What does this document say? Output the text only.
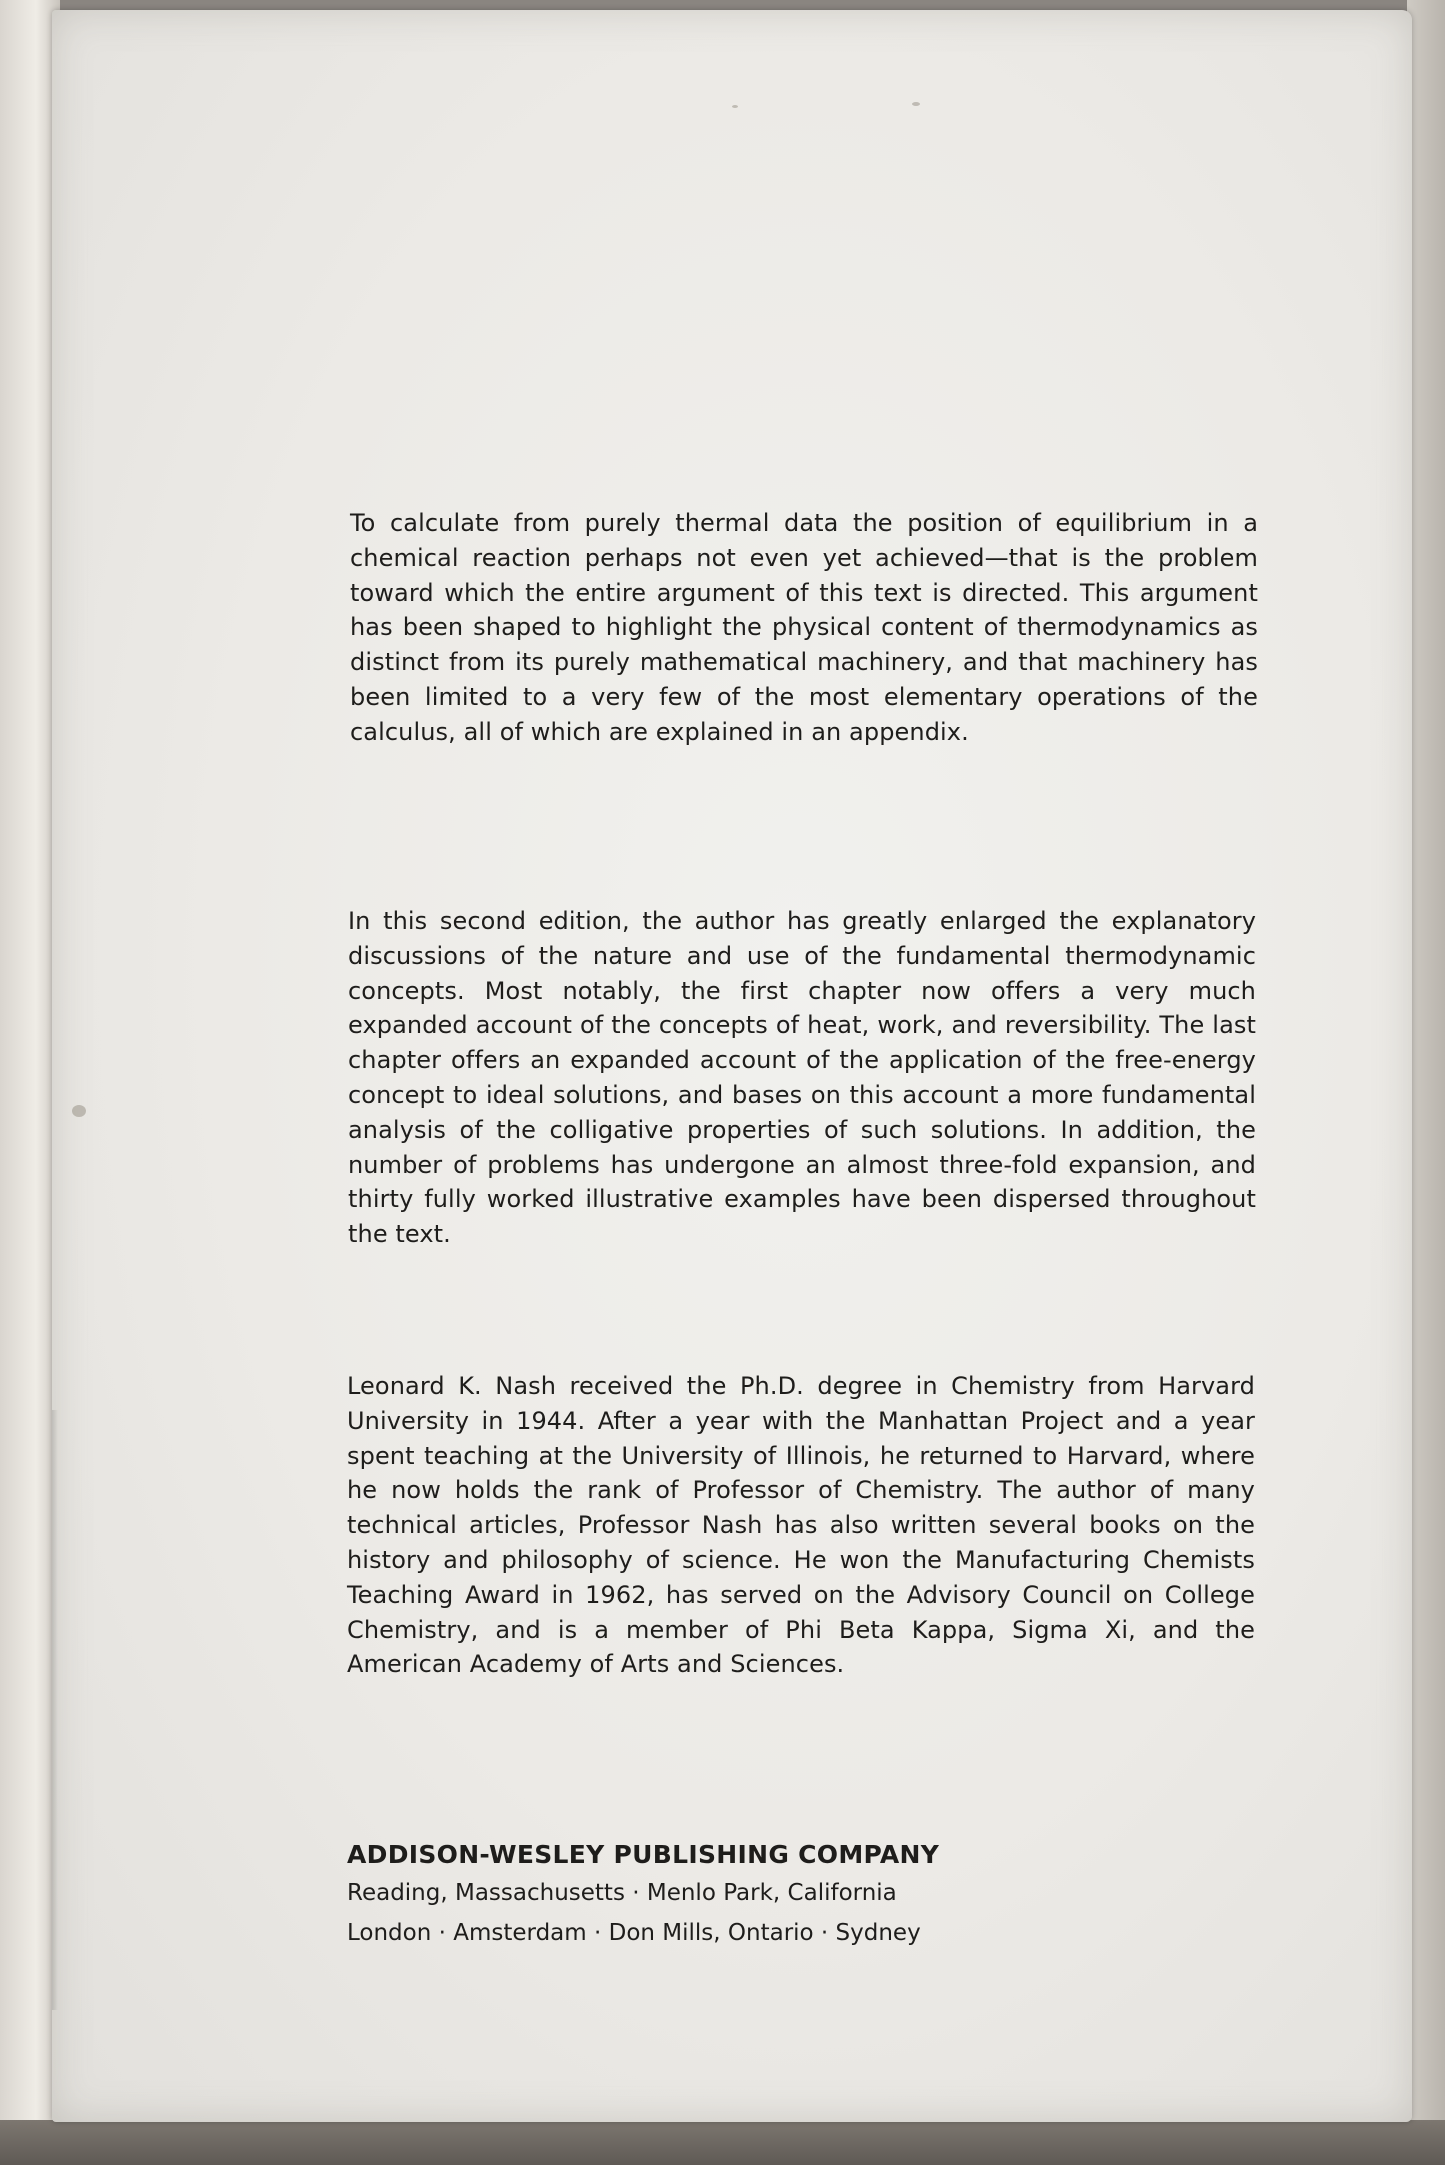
To calculate from purely thermal data the position of equilibrium in a chemical reaction perhaps not even yet achieved—that is the problem toward which the entire argument of this text is directed. This argument has been shaped to highlight the physical content of thermodynamics as distinct from its purely mathematical machinery, and that machinery has been limited to a very few of the most elementary operations of the calculus, all of which are explained in an appendix.

In this second edition, the author has greatly enlarged the explanatory discussions of the nature and use of the fundamental thermodynamic concepts. Most notably, the first chapter now offers a very much expanded account of the concepts of heat, work, and reversibility. The last chapter offers an expanded account of the application of the free-energy concept to ideal solutions, and bases on this account a more fundamental analysis of the colligative properties of such solutions. In addition, the number of problems has undergone an almost three-fold expansion, and thirty fully worked illustrative examples have been dispersed throughout the text.

Leonard K. Nash received the Ph.D. degree in Chemistry from Harvard University in 1944. After a year with the Manhattan Project and a year spent teaching at the University of Illinois, he returned to Harvard, where he now holds the rank of Professor of Chemistry. The author of many technical articles, Professor Nash has also written several books on the history and philosophy of science. He won the Manufacturing Chemists Teaching Award in 1962, has served on the Advisory Council on College Chemistry, and is a member of Phi Beta Kappa, Sigma Xi, and the American Academy of Arts and Sciences.

ADDISON-WESLEY PUBLISHING COMPANY
Reading, Massachusetts · Menlo Park, California
London · Amsterdam · Don Mills, Ontario · Sydney
